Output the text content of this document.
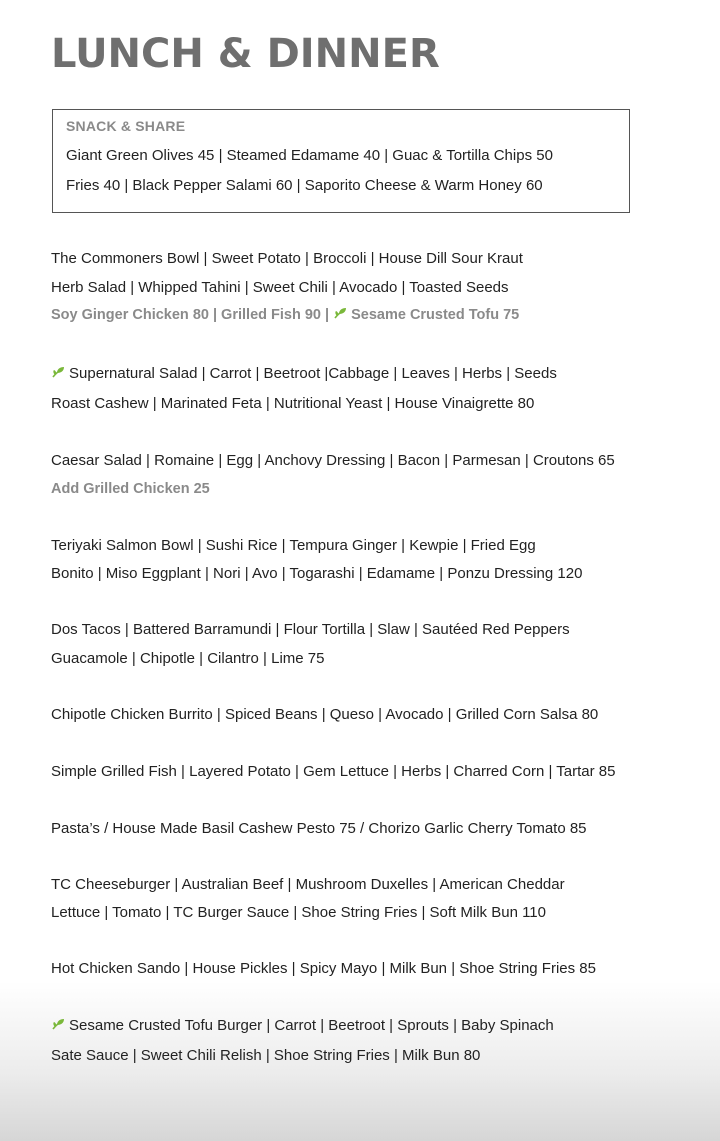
LUNCH & DINNER
SNACK & SHARE
Giant Green Olives 45 | Steamed Edamame 40 | Guac & Tortilla Chips 50
Fries 40 | Black Pepper Salami 60 | Saporito Cheese & Warm Honey 60
The Commoners Bowl | Sweet Potato | Broccoli | House Dill Sour Kraut
Herb Salad | Whipped Tahini | Sweet Chili | Avocado | Toasted Seeds
Soy Ginger Chicken 80 | Grilled Fish 90 |
Sesame Crusted Tofu 75
Supernatural Salad | Carrot | Beetroot |Cabbage | Leaves | Herbs | Seeds
Roast Cashew | Marinated Feta | Nutritional Yeast | House Vinaigrette 80
Caesar Salad | Romaine | Egg | Anchovy Dressing | Bacon | Parmesan | Croutons 65
Add Grilled Chicken 25
Teriyaki Salmon Bowl | Sushi Rice | Tempura Ginger | Kewpie | Fried Egg
Bonito | Miso Eggplant | Nori | Avo | Togarashi | Edamame | Ponzu Dressing 120
Dos Tacos | Battered Barramundi | Flour Tortilla | Slaw | Sautéed Red Peppers
Guacamole | Chipotle | Cilantro | Lime 75
Chipotle Chicken Burrito | Spiced Beans | Queso | Avocado | Grilled Corn Salsa 80
Simple Grilled Fish | Layered Potato | Gem Lettuce | Herbs | Charred Corn | Tartar 85
Pasta’s / House Made Basil Cashew Pesto 75 / Chorizo Garlic Cherry Tomato 85
TC Cheeseburger | Australian Beef | Mushroom Duxelles | American Cheddar
Lettuce | Tomato | TC Burger Sauce | Shoe String Fries | Soft Milk Bun 110
Hot Chicken Sando | House Pickles | Spicy Mayo | Milk Bun | Shoe String Fries 85
Sesame Crusted Tofu Burger | Carrot | Beetroot | Sprouts | Baby Spinach
Sate Sauce | Sweet Chili Relish | Shoe String Fries | Milk Bun 80
